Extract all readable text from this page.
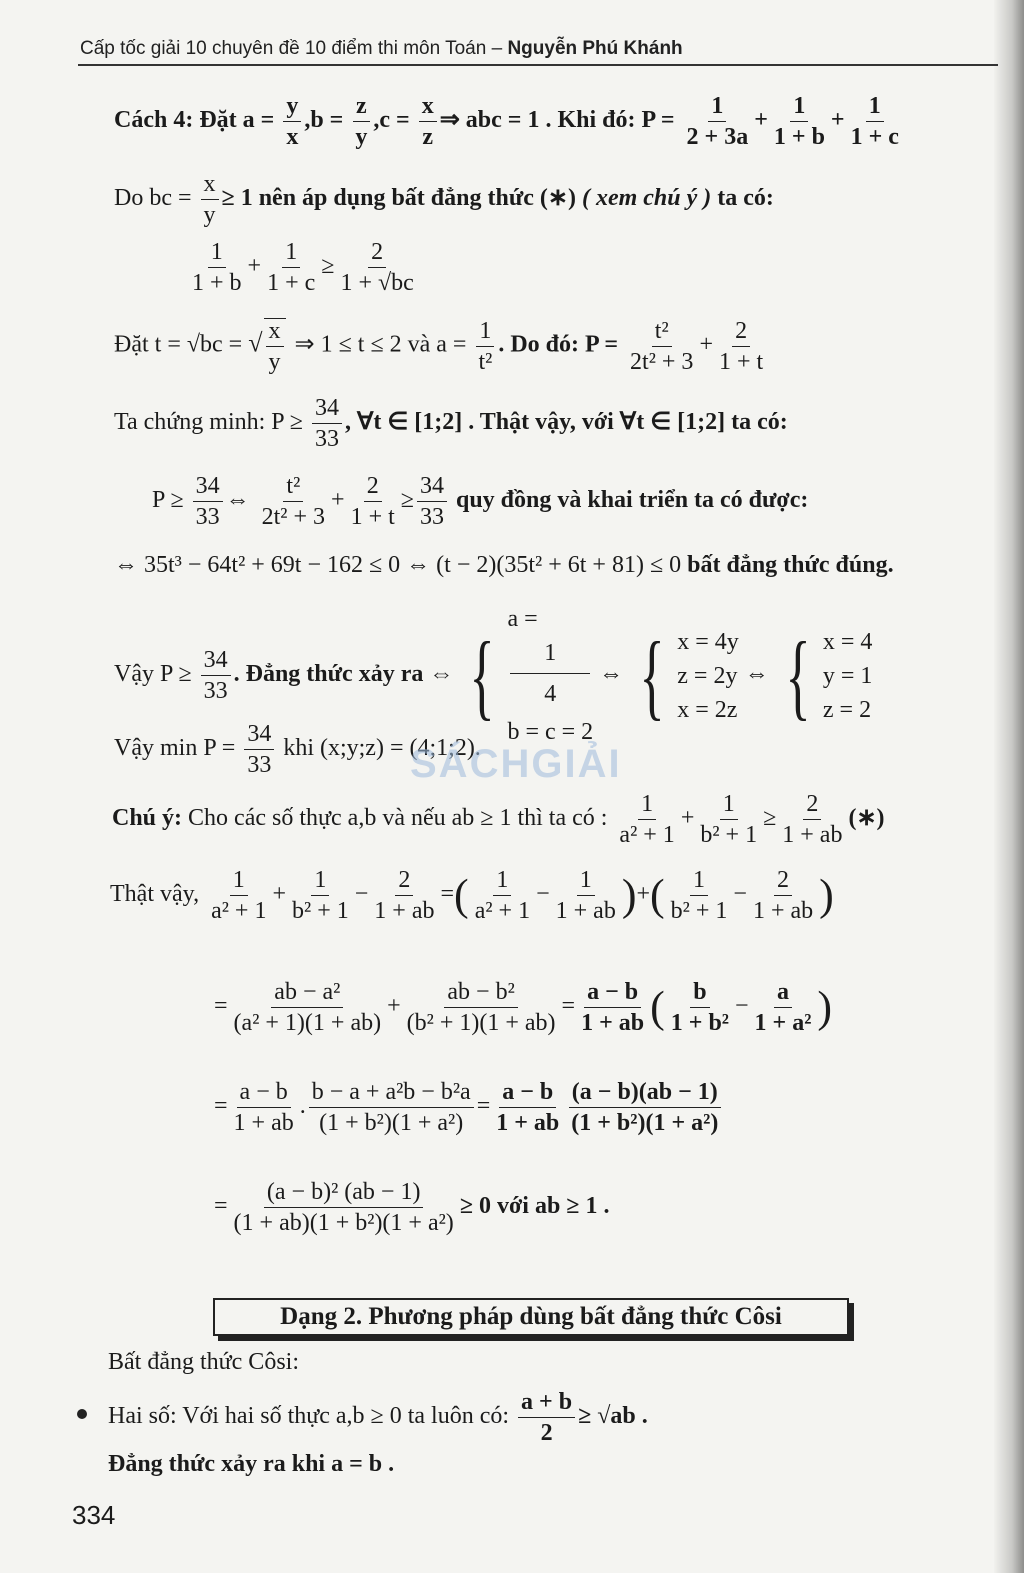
Cấp tốc giải 10 chuyên đề 10 điểm thi môn Toán – Nguyễn Phú Khánh
Cách 4: Đặt $a = \frac{y}{x} ,b = \frac{z}{y} ,c = \frac{x}{z}$ ⇒ abc = 1 . Khi đó: $P = \frac{1}{2 + 3a} + \frac{1}{1 + b} + \frac{1}{1 + c}$
Do bc = $\frac{x}{y} \ge 1$ nên áp dụng bất đẳng thức (∗) ( xem chú ý ) ta có:
$\frac{1}{1 + b} + \frac{1}{1 + c} \ge \frac{2}{1 + √bc}$
Đặt t = √bc = √ $\frac{x}{y}$ ⇒ 1 ≤ t ≤ 2 và $a = \frac{1}{\text{t²}}$ . Do đó: $P = \frac{\text{t²}}{\text{2t² + 3}} + \frac{2}{1 + t}$
Ta chứng minh: $P \ge \frac{34}{33}$ , ∀t ∈ [1;2] . Thật vậy, với ∀t ∈ [1;2] ta có:
$P \ge \frac{34}{33}$ ⇔ $\frac{\text{t²}}{\text{2t² + 3}} + \frac{2}{1 + t} \ge \frac{34}{33}$ quy đồng và khai triển ta có được:
⇔ 35t³ − 64t² + 69t − 162 ≤ 0 ⇔ (t − 2)(35t² + 6t + 81) ≤ 0 bất đẳng thức đúng.
Vậy $P \ge \frac{34}{33}$ . Đẳng thức xảy ra ⇔ {
a =
1
4
b = c = 2
⇔ { x = 4y
z = 2y
x = 2z
⇔ { x = 4
y = 1
z = 2
Vậy $\min P = \frac{34}{33}$ khi (x;y;z) = (4;1;2).
SÁCHGIẢI
Chú ý: Cho các số thực a,b và nếu ab ≥ 1 thì ta có : $\frac{1}{\text{a² + 1}} + \frac{1}{\text{b² + 1}} \ge \frac{2}{1 + ab}$ (∗)
Thật vậy, $\frac{1}{\text{a² + 1}} + \frac{1}{\text{b² + 1}} - \frac{2}{1 + ab}$ =( $\frac{1}{\text{a² + 1}} - \frac{1}{1 + ab}$ )+( $\frac{1}{\text{b² + 1}} - \frac{2}{1 + ab}$ )
= $\frac{\text{ab − a²}}{\text{(a² + 1)(1 + ab)}} + \frac{\text{ab − b²}}{\text{(b² + 1)(1 + ab)}} = \frac{a - b}{1 + ab}$ ( $\frac{b}{\text{1 + b²}} - \frac{a}{\text{1 + a²}}$ )
= $\frac{a - b}{1 + ab}$ . $\frac{\text{b − a + a²b − b²a}}{\text{(1 + b²)(1 + a²)}} = \frac{a - b}{1 + ab} \frac{(a - b)(ab - 1)}{\text{(1 + b²)(1 + a²)}}$
= $\frac{\text{(a − b)² (ab − 1)}}{\text{(1 + ab)(1 + b²)(1 + a²)}} \ge 0$ với ab ≥ 1 .
Dạng 2. Phương pháp dùng bất đẳng thức Côsi
Bất đẳng thức Côsi:
Hai số: Với hai số thực a,b ≥ 0 ta luôn có: $\frac{a + b}{2} \ge √ab$ .
Đẳng thức xảy ra khi a = b .
334
